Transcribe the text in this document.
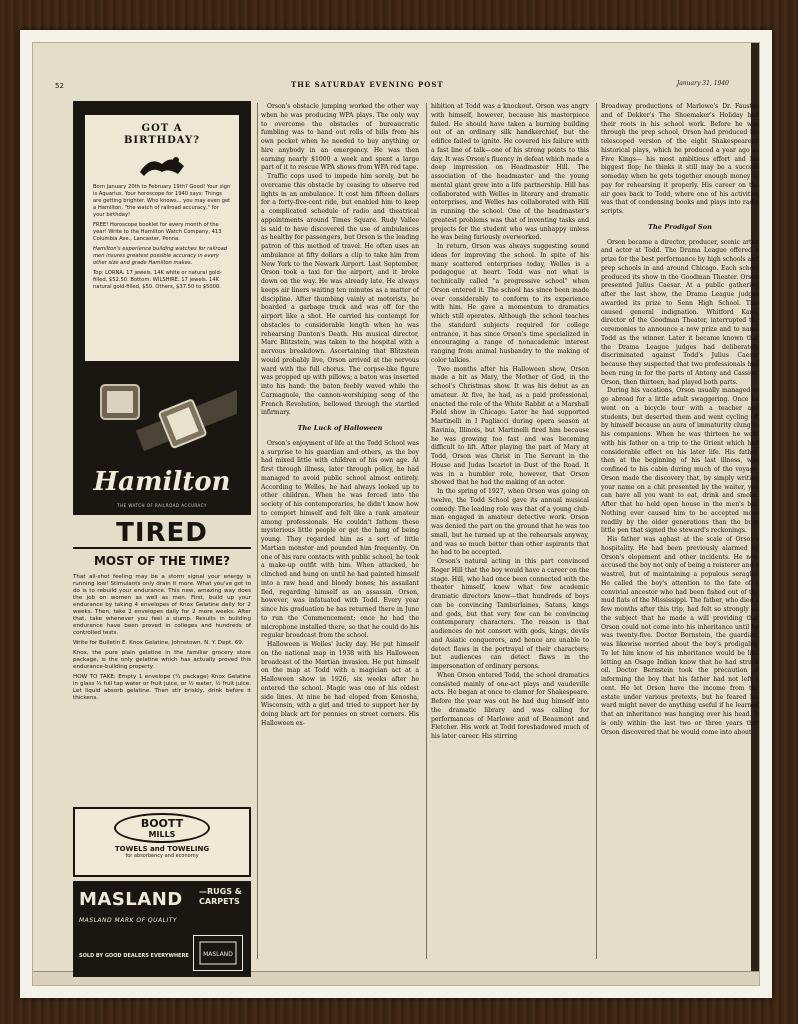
52	THE SATURDAY EVENING POST	January 31, 1940
GOT A
BIRTHDAY?
Born January 20th to February 19th? Good! Your sign is Aquarius. Your horoscope for 1940 says: Things are getting brighter. Who knows... you may even get a Hamilton, "the watch of railroad accuracy," for your birthday!
FREE! Horoscope booklet for every month of the year! Write to the Hamilton Watch Company, 413 Columbia Ave., Lancaster, Penna.
Hamilton's experience building watches for railroad men insures greatest possible accuracy in every other size and grade Hamilton makes.
Top: LORNA. 17 jewels. 14K white or natural gold-filled, $52.50. Bottom: WILSHIRE. 17 jewels. 14K natural gold-filled, $50. Others, $37.50 to $5000.
Hamilton
THE WATCH OF RAILROAD ACCURACY
TIRED
MOST OF THE TIME?

That all-shot feeling may be a storm signal your energy is running low! Stimulants only drain it more. What you've got to do is to rebuild your endurance. This new, amazing way does the job on women as well as men. First, build up your endurance by taking 4 envelopes of Knox Gelatine daily for 2 weeks. Then, take 2 envelopes daily for 2 more weeks. After that, take whenever you feel a slump. Results in building endurance have been proved in colleges and hundreds of controlled tests.

Write for Bulletin E. Knox Gelatine, Johnstown, N. Y. Dept. 69.

Knox, the pure plain gelatine in the familiar grocery store package, is the only gelatine which has actually proved this endurance-building property.

HOW TO TAKE: Empty 1 envelope (¼ package) Knox Gelatine in glass ¾ full tap water or fruit juice, or ½ water, ½ fruit juice. Let liquid absorb gelatine. Then stir briskly, drink before it thickens.

BOOTT
MILLS
TOWELS and TOWELING
for absorbency and economy
MASLAND —RUGS & CARPETS
MASLAND MARK OF QUALITY
SOLD BY GOOD DEALERS EVERYWHERE MASLAND

Orson's obstacle jumping worked the other way when he was producing WPA plays. The only way to overcome the obstacles of bureaucratic fumbling was to hand out rolls of bills from his own pocket when he needed to buy anything or hire anybody in an emergency. He was then earning nearly $1000 a week and spent a large part of it to rescue WPA shows from WPA red tape.

Traffic cops used to impede him sorely, but he overcame this obstacle by ceasing to observe red lights in an ambulance. It cost him fifteen dollars for a forty-five-cent ride, but enabled him to keep a complicated schedule of radio and theatrical appointments around Times Square. Rudy Vallee is said to have discovered the use of ambulances as healthy for passengers, but Orson is the leading patron of this method of travel. He often uses an ambulance at fifty dollars a clip to take him from New York to the Newark Airport. Last September, Orson took a taxi for the airport, and it broke down on the way. He was already late. He always keeps air liners waiting ten minutes as a matter of discipline. After thumbing vainly at motorists, he boarded a garbage truck and was off for the airport like a shot. He carried his contempt for obstacles to considerable length when he was rehearsing Danton's Death. His musical director, Marc Blitzstein, was taken to the hospital with a nervous breakdown. Ascertaining that Blitzstein would probably live, Orson arrived at the nervous ward with the full chorus. The corpse-like figure was propped up with pillows; a baton was inserted into his hand; the baton feebly waved while the Carmagnole, the cannon-worshiping song of the French Revolution, bellowed through the startled infirmary.

The Luck of Halloween

Orson's enjoyment of life at the Todd School was a surprise to his guardian and others, as the boy had mixed little with children of his own age. At first through illness, later through policy, he had managed to avoid public school almost entirely. According to Welles, he had always looked up to other children. When he was forced into the society of his contemporaries, he didn't know how to comport himself and felt like a rank amateur among professionals. He couldn't fathom these mysterious little people or get the hang of being young. They regarded him as a sort of little Martian monster and pounded him frequently. On one of his rare contacts with public school, he took a make-up outfit with him. When attacked, he clinched and hung on until he had painted himself into a raw head and bloody bones; his assailant fled, regarding himself as an assassin. Orson, however, was infatuated with Todd. Every year since his graduation he has returned there in June to run the Commencement; once he had the microphone installed there, so that he could do his regular broadcast from the school.

Halloween is Welles' lucky day. He put himself on the national map in 1938 with his Halloween broadcast of the Martian invasion. He put himself on the map at Todd with a magician act at a Halloween show in 1926, six weeks after he entered the school. Magic was one of his oldest side lines. At nine he had eloped from Kenosha, Wisconsin, with a girl and tried to support her by doing black art for pennies on street corners. His Halloween ex-

hibition at Todd was a knockout. Orson was angry with himself, however, because his masterpiece failed. He should have taken a burning building out of an ordinary silk handkerchief, but the edifice failed to ignite. He covered his failure with a fast line of talk—one of his strong points to this day. It was Orson's fluency in defeat which made a deep impression on Headmaster Hill. The association of the headmaster and the young mental giant grew into a life partnership. Hill has collaborated with Welles in literary and dramatic enterprises, and Welles has collaborated with Hill in running the school. One of the headmaster's greatest problems was that of inventing tasks and projects for the student who was unhappy unless he was being furiously overworked.

In return, Orson was always suggesting sound ideas for improving the school. In spite of his many scattered enterprises today, Welles is a pedagogue at heart. Todd was not what is technically called "a progressive school" when Orson entered it. The school has since been made over considerably to conform to its experience with him. He gave a momentum to dramatics which still operates. Although the school teaches the standard subjects required for college entrance, it has since Orson's time specialized in encouraging a range of nonacademic interest ranging from animal husbandry to the making of color talkies.

Two months after his Halloween show, Orson made a hit as Mary, the Mother of God, in the school's Christmas show. It was his debut as an amateur. At five, he had, as a paid professional, enacted the role of the White Rabbit at a Marshall Field show in Chicago. Later he had supported Martinelli in I Pagliacci during opera season at Ravinia, Illinois, but Martinelli fired him because he was growing too fast and was becoming difficult to lift. After playing the part of Mary at Todd, Orson was Christ in The Servant in the House and Judas Iscariot in Dust of the Road. It was in a humbler role, however, that Orson showed that he had the making of an actor.

In the spring of 1927, when Orson was going on twelve, the Todd School gave its annual musical comedy. The leading role was that of a young club-man engaged in amateur detective work. Orson was denied the part on the ground that he was too small, but he turned up at the rehearsals anyway, and was so much better than other aspirants that he had to be accepted.

Orson's natural acting in this part convinced Roger Hill that the boy would have a career on the stage. Hill, who had once been connected with the theater himself, knew what few academic dramatic directors know—that hundreds of boys can be convincing Tamburlaines, Satans, kings and gods, but that very few can be convincing contemporary characters. The reason is that audiences do not consort with gods, kings, devils and Asiatic conquerors, and hence are unable to detect flaws in the portrayal of their characters; but audiences can detect flaws in the impersonation of ordinary persons.

When Orson entered Todd, the school dramatics consisted mainly of one-act plays and vaudeville acts. He began at once to clamor for Shakespeare. Before the year was out he had dug himself into the dramatic library and was calling for performances of Marlowe and of Beaumont and Fletcher. His work at Todd foreshadowed much of his later career. His stirring

Broadway productions of Marlowe's Dr. Faustus and of Dekker's The Shoemaker's Holiday had their roots in his school work. Before he was through the prep school, Orson had produced his telescoped version of the eight Shakespearean historical plays, which he produced a year ago as Five Kings— his most ambitious effort and his biggest flop; he thinks it still may be a success someday when he gets together enough money to pay for rehearsing it properly. His career on the air goes back to Todd, where one of his activities was that of condensing books and plays into radio scripts.

The Prodigal Son

Orson became a director, producer, scenic artist and actor at Todd. The Drama League offered a prize for the best performance by high schools and prep schools in and around Chicago. Each school produced its show in the Goodman Theater. Orson presented Julius Caesar. At a public gathering after the last show, the Drama League judges awarded its prize to Senn High School. This caused general indignation. Whitford Kane, director of the Goodman Theater, interrupted the ceremonies to announce a new prize and to name Todd as the winner. Later it became known that the Drama League judges had deliberately discriminated against Todd's Julius Caesar because they suspected that two professionals had been rung in for the parts of Antony and Cassius. Orson, then thirteen, had played both parts.

During his vacations, Orson usually managed to go abroad for a little adult swaggering. Once he went on a bicycle tour with a teacher and students, but deserted them and went cycling off by himself because an aura of immaturity clung to his companions. When he was thirteen he went with his father on a trip to the Orient which had considerable effect on his later life. His father, then at the beginning of his last illness, was confined to his cabin during much of the voyage. Orson made the discovery that, by simply writing your name on a chit presented by the waiter, you can have all you want to eat, drink and smoke. After that he held open house in the men's bar. Nothing ever caused him to be accepted more readily by the older generations than the busy little pen that signed the steward's reckonings.

His father was aghast at the scale of Orson's hospitality. He had been previously alarmed by Orson's elopement and other incidents. He now accused the boy not only of being a roisterer and a wastrel, but of maintaining a populous seraglio. He called the boy's attention to the fate of a convivial ancestor who had been fished out of the mud flats of the Mississippi. The father, who died a few months after this trip, had felt so strongly on the subject that he made a will providing that Orson could not come into his inheritance until he was twenty-five. Doctor Bernstein, the guardian, was likewise worried about the boy's prodigality. To let him know of his inheritance would be like letting an Osage Indian know that he had struck oil. Doctor Bernstein took the precaution of informing the boy that his father had not left a cent. He let Orson have the income from the estate under various pretexts, but he feared his ward might never do anything useful if he learned that an inheritance was hanging over his head. It is only within the last two or three years that Orson discovered that he would come into about
